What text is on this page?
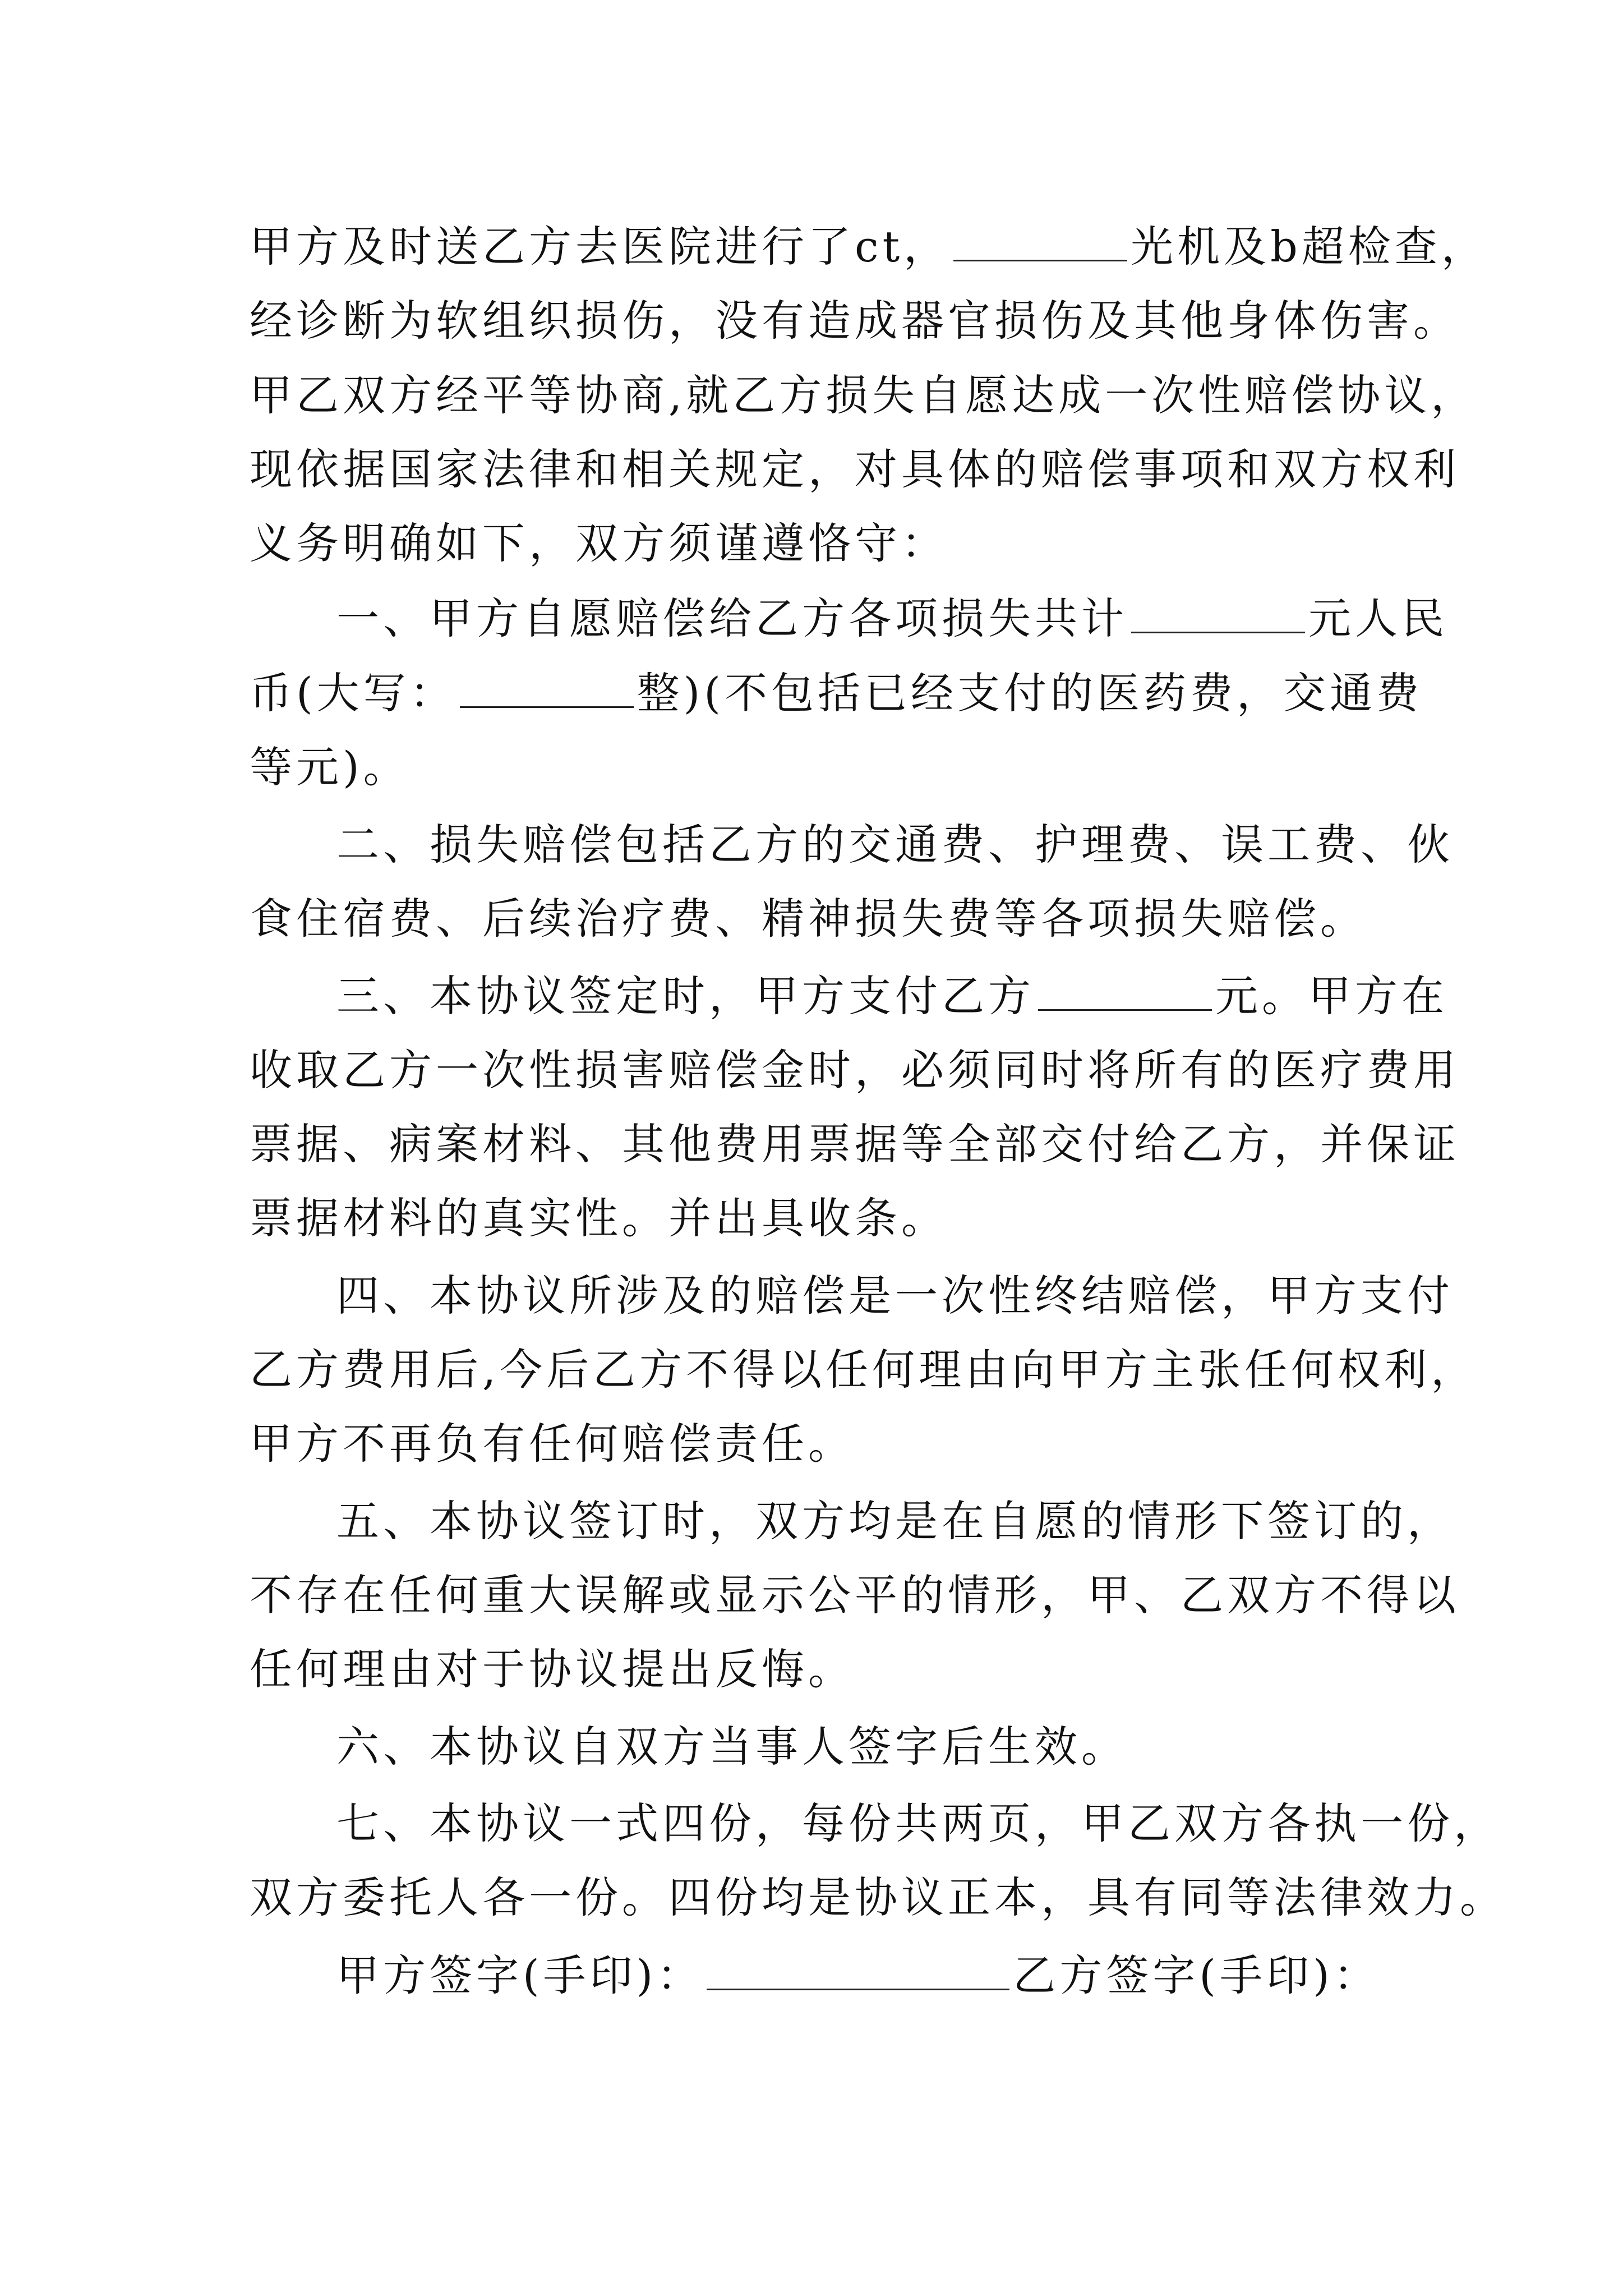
甲方及时送乙方去医院进行了ct，	光机及b超检查，
经诊断为软组织损伤，没有造成器官损伤及其他身体伤害。
甲乙双方经平等协商,就乙方损失自愿达成一次性赔偿协议，
现依据国家法律和相关规定，对具体的赔偿事项和双方权利
义务明确如下，双方须谨遵恪守：
一、甲方自愿赔偿给乙方各项损失共计	元人民
币(大写：	整)(不包括已经支付的医药费，交通费
等元)。
二、损失赔偿包括乙方的交通费、护理费、误工费、伙
食住宿费、后续治疗费、精神损失费等各项损失赔偿。
三、本协议签定时，甲方支付乙方	元。甲方在
收取乙方一次性损害赔偿金时，必须同时将所有的医疗费用
票据、病案材料、其他费用票据等全部交付给乙方，并保证
票据材料的真实性。并出具收条。
四、本协议所涉及的赔偿是一次性终结赔偿，甲方支付
乙方费用后,今后乙方不得以任何理由向甲方主张任何权利，
甲方不再负有任何赔偿责任。
五、本协议签订时，双方均是在自愿的情形下签订的，
不存在任何重大误解或显示公平的情形，甲、乙双方不得以
任何理由对于协议提出反悔。
六、本协议自双方当事人签字后生效。
七、本协议一式四份，每份共两页，甲乙双方各执一份，
双方委托人各一份。四份均是协议正本，具有同等法律效力。
甲方签字(手印)：	乙方签字(手印)：
